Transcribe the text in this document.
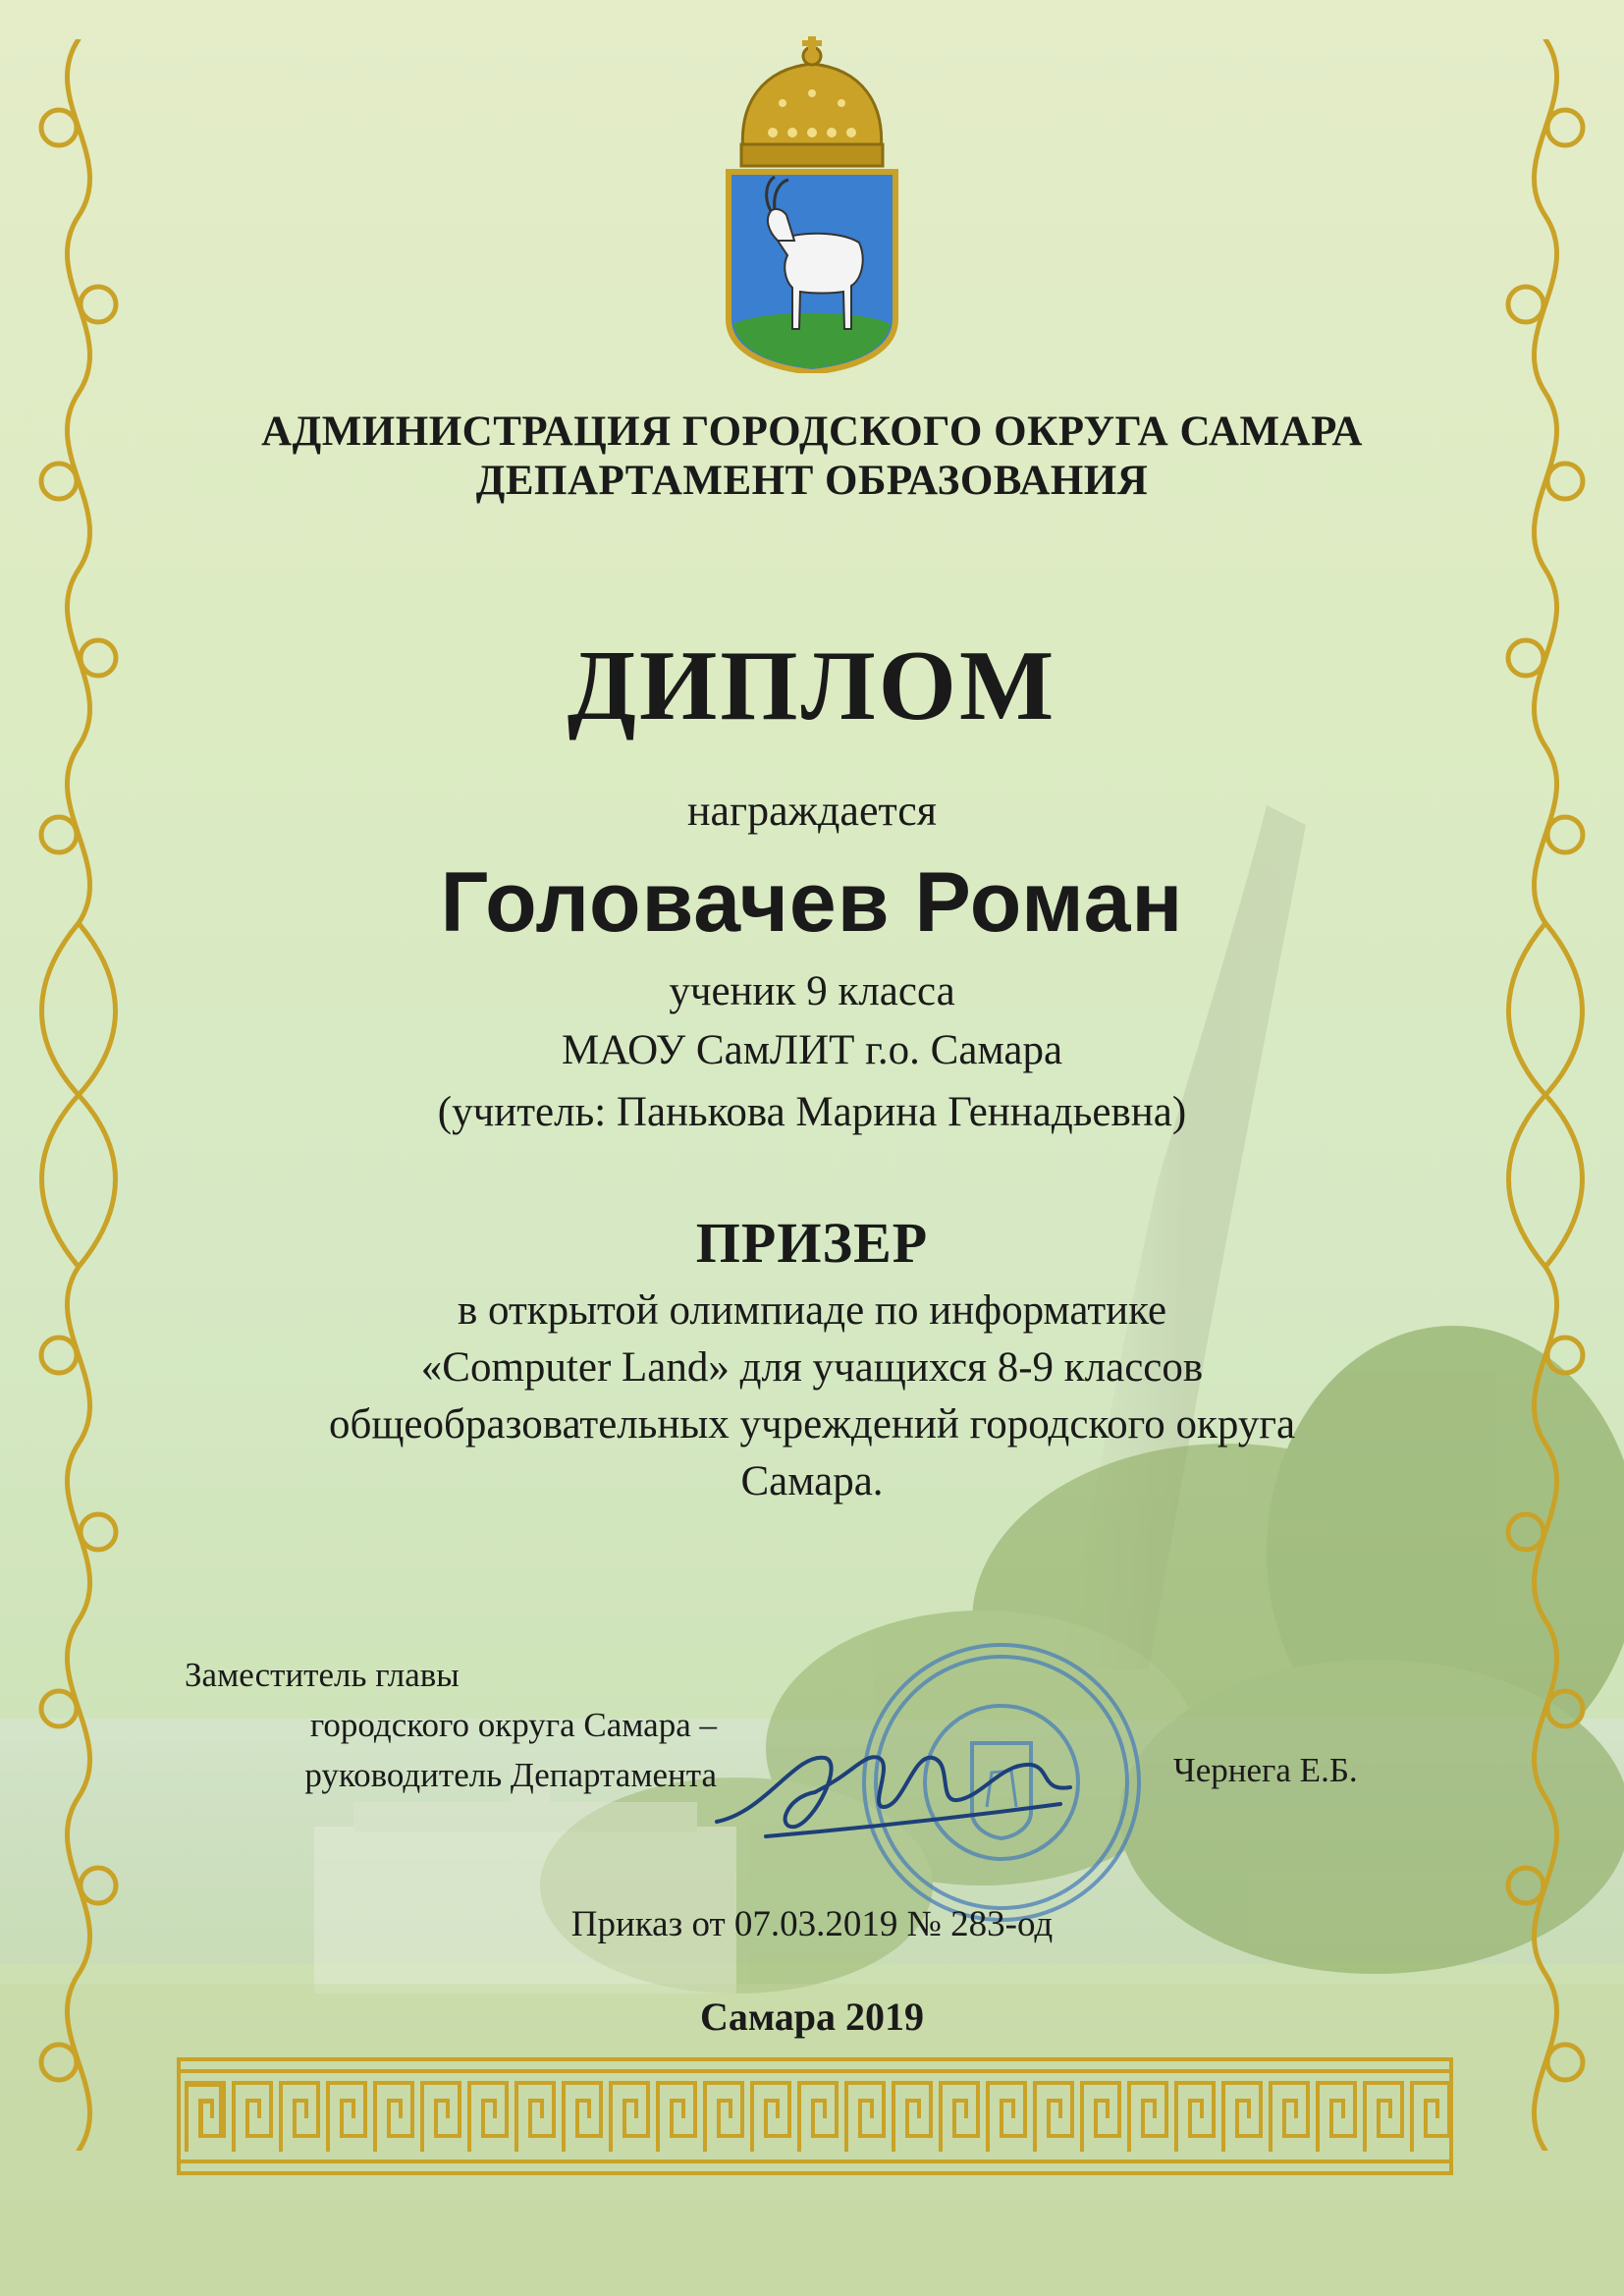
АДМИНИСТРАЦИЯ ГОРОДСКОГО ОКРУГА САМАРА
ДЕПАРТАМЕНТ ОБРАЗОВАНИЯ
ДИПЛОМ
награждается
Головачев Роман
ученик 9 класса
МАОУ СамЛИТ г.о. Самара
(учитель: Панькова Марина Геннадьевна)
ПРИЗЕР
в открытой олимпиаде по информатике
«Computer Land» для учащихся 8-9 классов
общеобразовательных учреждений городского округа
Самара.
Заместитель главы
городского округа Самара –
руководитель Департамента	Чернега Е.Б.
Приказ от 07.03.2019 № 283-од
Самара 2019
